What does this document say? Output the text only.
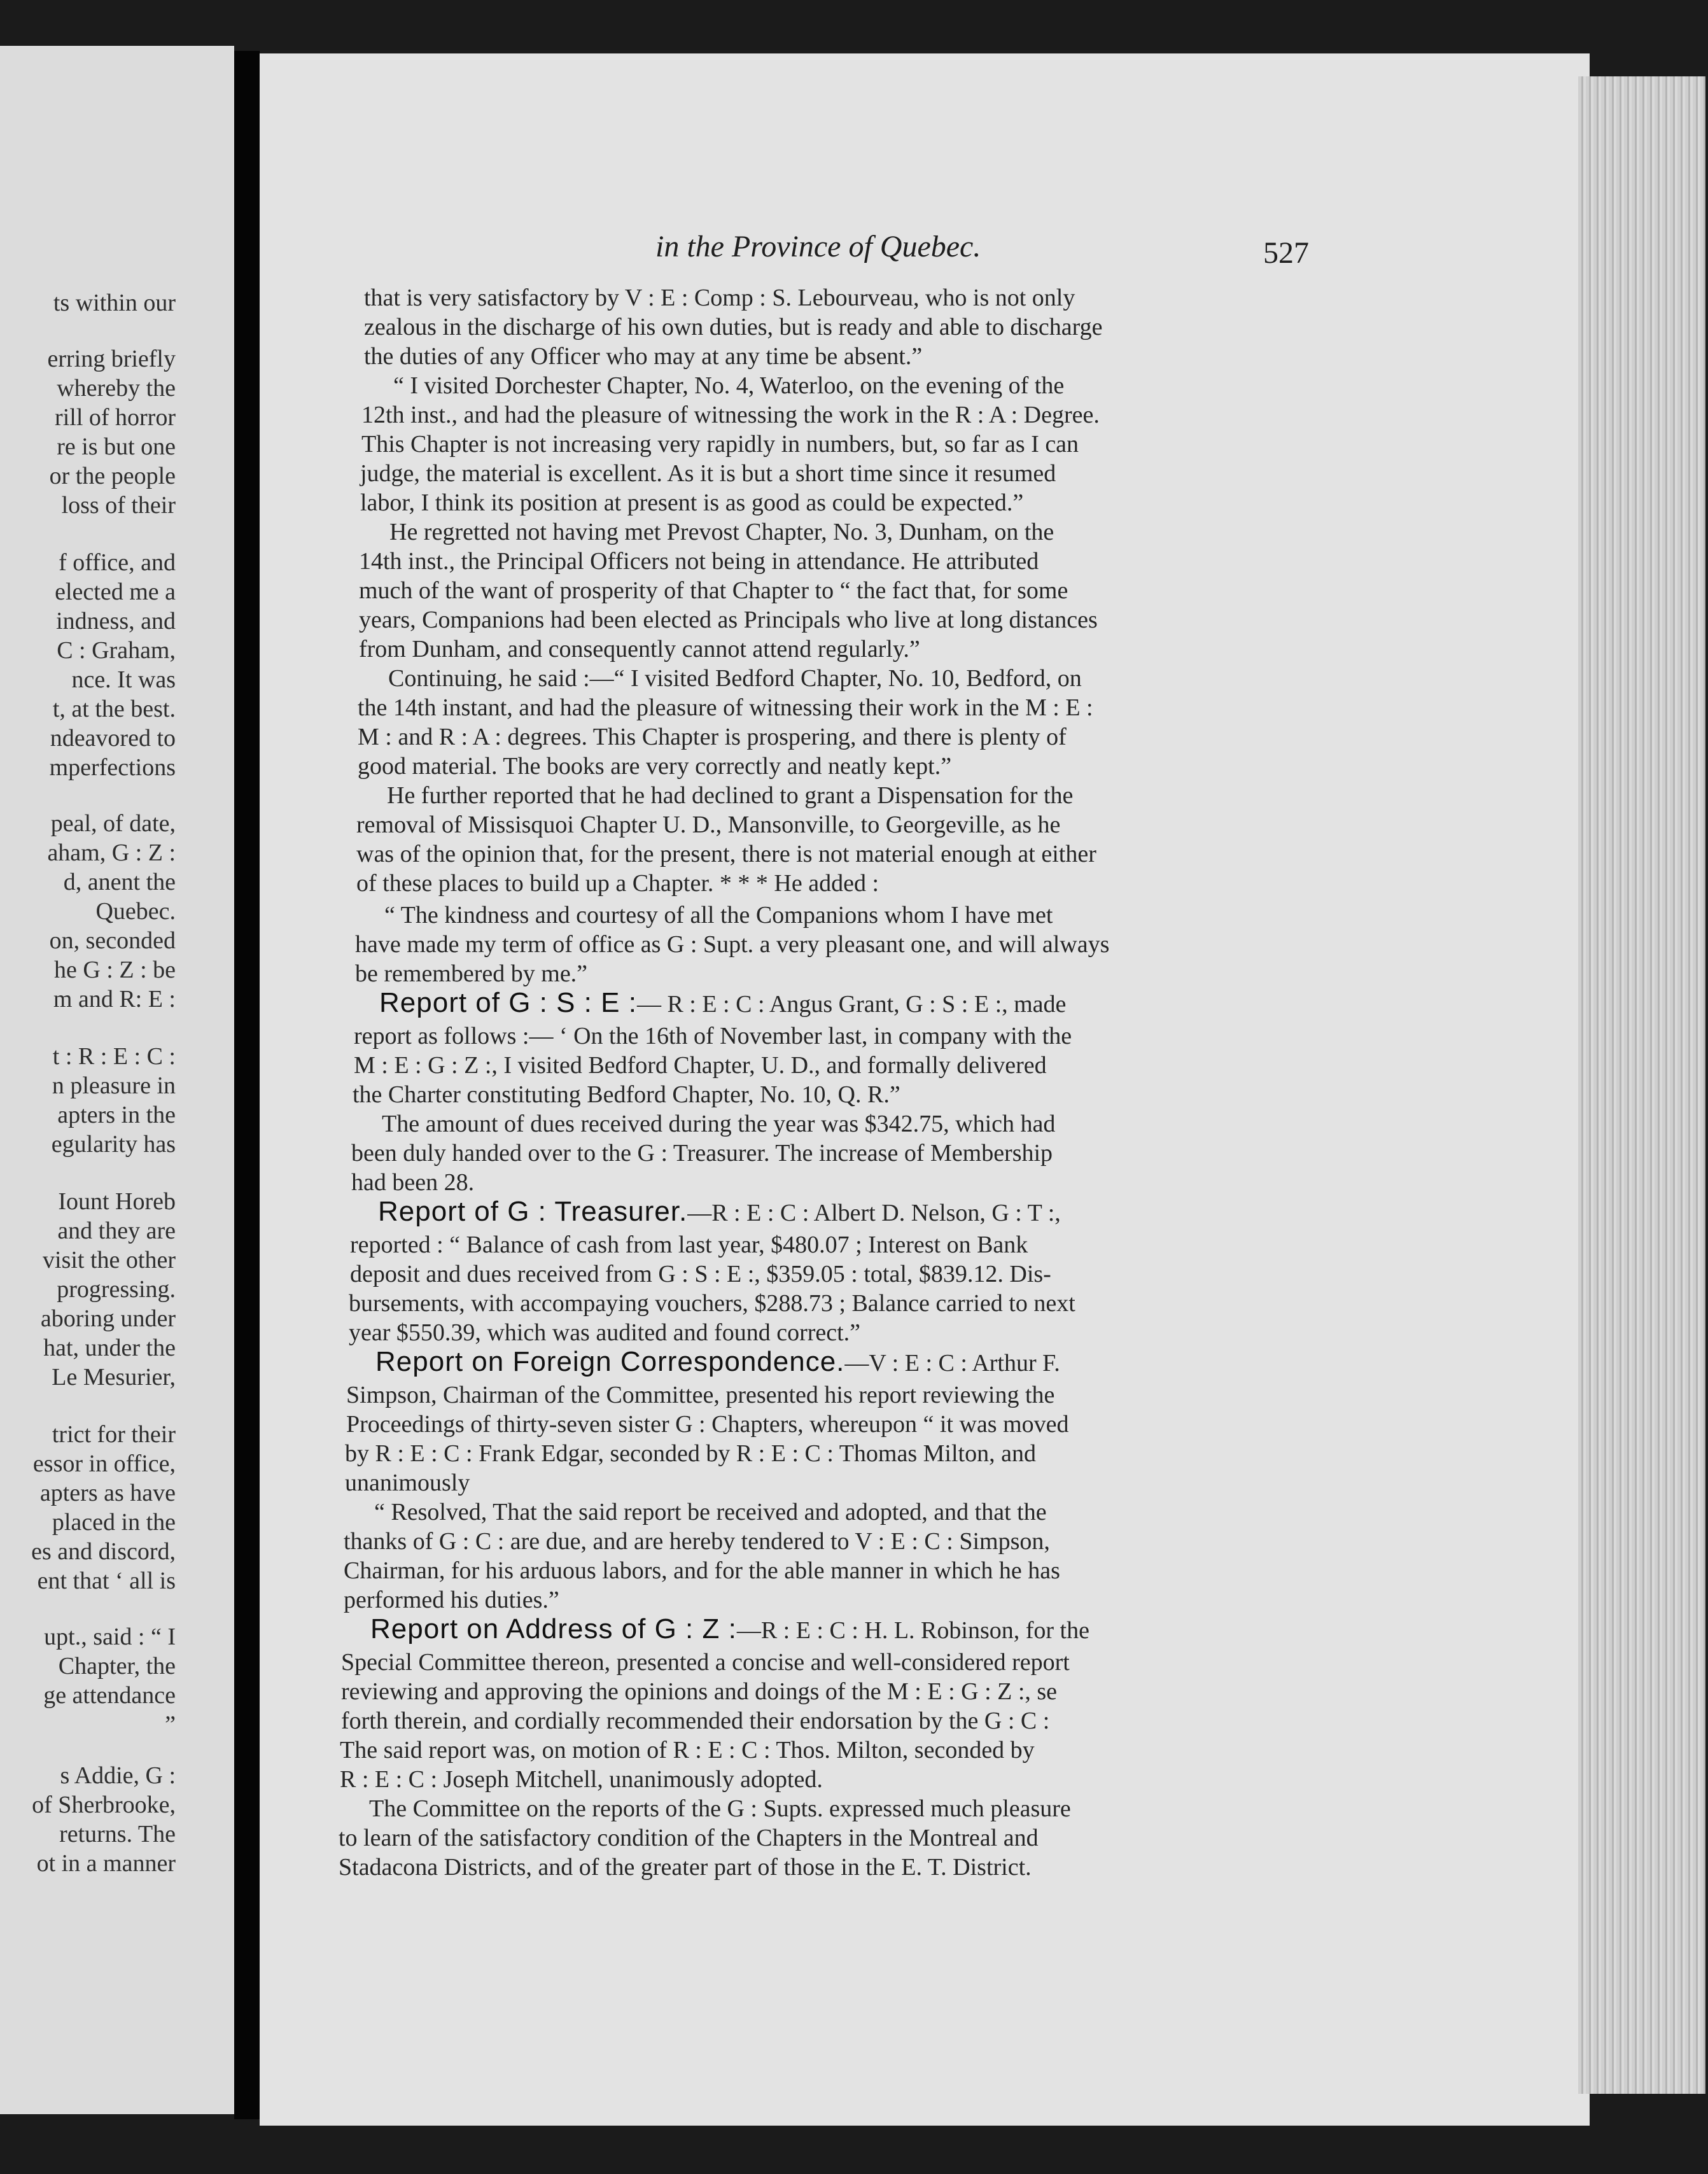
ts within our
erring briefly
whereby the
rill of horror
re is but one
or the people
loss of their
f office, and
elected me a
indness, and
C : Graham,
nce. It was
t, at the best.
ndeavored to
mperfections
peal, of date,
aham, G : Z :
d, anent the
Quebec.
on, seconded
he G : Z : be
m and R: E :
t : R : E : C :
n pleasure in
apters in the
egularity has
Iount Horeb
and they are
visit the other
progressing.
aboring under
hat, under the
Le Mesurier,
trict for their
essor in office,
apters as have
placed in the
es and discord,
ent that ‘ all is
upt., said : “ I
Chapter, the
ge attendance
”
s Addie, G :
of Sherbrooke,
returns. The
ot in a manner
in the Province of Quebec.	527
that is very satisfactory by V : E : Comp : S. Lebourveau, who is not only
zealous in the discharge of his own duties, but is ready and able to discharge
the duties of any Officer who may at any time be absent.”
“ I visited Dorchester Chapter, No. 4, Waterloo, on the evening of the
12th inst., and had the pleasure of witnessing the work in the R : A : Degree.
This Chapter is not increasing very rapidly in numbers, but, so far as I can
judge, the material is excellent. As it is but a short time since it resumed
labor, I think its position at present is as good as could be expected.”
He regretted not having met Prevost Chapter, No. 3, Dunham, on the
14th inst., the Principal Officers not being in attendance. He attributed
much of the want of prosperity of that Chapter to “ the fact that, for some
years, Companions had been elected as Principals who live at long distances
from Dunham, and consequently cannot attend regularly.”
Continuing, he said :—“ I visited Bedford Chapter, No. 10, Bedford, on
the 14th instant, and had the pleasure of witnessing their work in the M : E :
M : and R : A : degrees. This Chapter is prospering, and there is plenty of
good material. The books are very correctly and neatly kept.”
He further reported that he had declined to grant a Dispensation for the
removal of Missisquoi Chapter U. D., Mansonville, to Georgeville, as he
was of the opinion that, for the present, there is not material enough at either
of these places to build up a Chapter. * * * He added :
“ The kindness and courtesy of all the Companions whom I have met
have made my term of office as G : Supt. a very pleasant one, and will always
be remembered by me.”
Report of G : S : E :— R : E : C : Angus Grant, G : S : E :, made
report as follows :— ‘ On the 16th of November last, in company with the
M : E : G : Z :, I visited Bedford Chapter, U. D., and formally delivered
the Charter constituting Bedford Chapter, No. 10, Q. R.”
The amount of dues received during the year was $342.75, which had
been duly handed over to the G : Treasurer. The increase of Membership
had been 28.
Report of G : Treasurer.—R : E : C : Albert D. Nelson, G : T :,
reported : “ Balance of cash from last year, $480.07 ; Interest on Bank
deposit and dues received from G : S : E :, $359.05 : total, $839.12. Dis-
bursements, with accompaying vouchers, $288.73 ; Balance carried to next
year $550.39, which was audited and found correct.”
Report on Foreign Correspondence.—V : E : C : Arthur F.
Simpson, Chairman of the Committee, presented his report reviewing the
Proceedings of thirty-seven sister G : Chapters, whereupon “ it was moved
by R : E : C : Frank Edgar, seconded by R : E : C : Thomas Milton, and
unanimously
“ Resolved, That the said report be received and adopted, and that the
thanks of G : C : are due, and are hereby tendered to V : E : C : Simpson,
Chairman, for his arduous labors, and for the able manner in which he has
performed his duties.”
Report on Address of G : Z :—R : E : C : H. L. Robinson, for the
Special Committee thereon, presented a concise and well-considered report
reviewing and approving the opinions and doings of the M : E : G : Z :, se
forth therein, and cordially recommended their endorsation by the G : C :
The said report was, on motion of R : E : C : Thos. Milton, seconded by
R : E : C : Joseph Mitchell, unanimously adopted.
The Committee on the reports of the G : Supts. expressed much pleasure
to learn of the satisfactory condition of the Chapters in the Montreal and
Stadacona Districts, and of the greater part of those in the E. T. District.
